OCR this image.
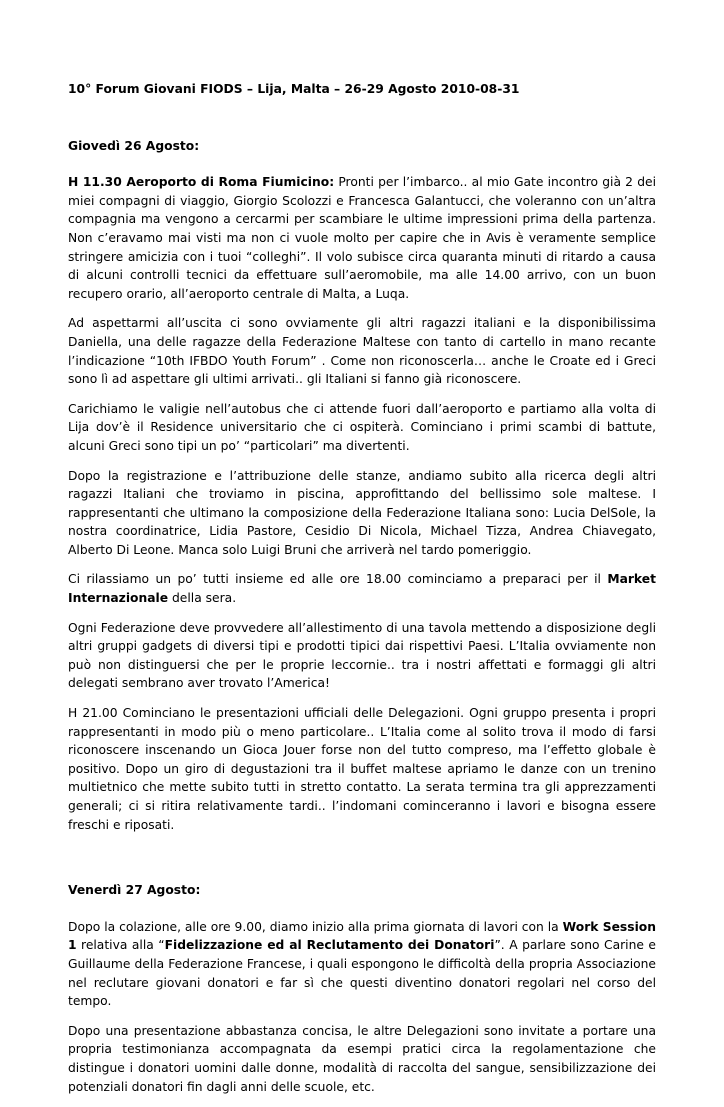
10° Forum Giovani FIODS – Lija, Malta – 26-29 Agosto 2010-08-31
Giovedì 26 Agosto:

H 11.30 Aeroporto di Roma Fiumicino: Pronti per l’imbarco.. al mio Gate incontro già 2 dei miei compagni di viaggio, Giorgio Scolozzi e Francesca Galantucci, che voleranno con un’altra compagnia ma vengono a cercarmi per scambiare le ultime impressioni prima della partenza. Non c’eravamo mai visti ma non ci vuole molto per capire che in Avis è veramente semplice stringere amicizia con i tuoi “colleghi”. Il volo subisce circa quaranta minuti di ritardo a causa di alcuni controlli tecnici da effettuare sull’aeromobile, ma alle 14.00 arrivo, con un buon recupero orario, all’aeroporto centrale di Malta, a Luqa.

Ad aspettarmi all’uscita ci sono ovviamente gli altri ragazzi italiani e la disponibilissima Daniella, una delle ragazze della Federazione Maltese con tanto di cartello in mano recante l’indicazione “10th IFBDO Youth Forum” . Come non riconoscerla… anche le Croate ed i Greci sono lì ad aspettare gli ultimi arrivati.. gli Italiani si fanno già riconoscere.

Carichiamo le valigie nell’autobus che ci attende fuori dall’aeroporto e partiamo alla volta di Lija dov’è il Residence universitario che ci ospiterà. Cominciano i primi scambi di battute, alcuni Greci sono tipi un po’ “particolari” ma divertenti.

Dopo la registrazione e l’attribuzione delle stanze, andiamo subito alla ricerca degli altri ragazzi Italiani che troviamo in piscina, approfittando del bellissimo sole maltese. I rappresentanti che ultimano la composizione della Federazione Italiana sono: Lucia DelSole, la nostra coordinatrice, Lidia Pastore, Cesidio Di Nicola, Michael Tizza, Andrea Chiavegato, Alberto Di Leone. Manca solo Luigi Bruni che arriverà nel tardo pomeriggio.

Ci rilassiamo un po’ tutti insieme ed alle ore 18.00 cominciamo a preparaci per il Market Internazionale della sera.

Ogni Federazione deve provvedere all’allestimento di una tavola mettendo a disposizione degli altri gruppi gadgets di diversi tipi e prodotti tipici dai rispettivi Paesi. L’Italia ovviamente non può non distinguersi che per le proprie leccornie.. tra i nostri affettati e formaggi gli altri delegati sembrano aver trovato l’America!

H 21.00 Cominciano le presentazioni ufficiali delle Delegazioni. Ogni gruppo presenta i propri rappresentanti in modo più o meno particolare.. L’Italia come al solito trova il modo di farsi riconoscere inscenando un Gioca Jouer forse non del tutto compreso, ma l’effetto globale è positivo. Dopo un giro di degustazioni tra il buffet maltese apriamo le danze con un trenino multietnico che mette subito tutti in stretto contatto. La serata termina tra gli apprezzamenti generali; ci si ritira relativamente tardi.. l’indomani cominceranno i lavori e bisogna essere freschi e riposati.

Venerdì 27 Agosto:

Dopo la colazione, alle ore 9.00, diamo inizio alla prima giornata di lavori con la Work Session 1 relativa alla “Fidelizzazione ed al Reclutamento dei Donatori”. A parlare sono Carine e Guillaume della Federazione Francese, i quali espongono le difficoltà della propria Associazione nel reclutare giovani donatori e far sì che questi diventino donatori regolari nel corso del tempo.

Dopo una presentazione abbastanza concisa, le altre Delegazioni sono invitate a portare una propria testimonianza accompagnata da esempi pratici circa la regolamentazione che distingue i donatori uomini dalle donne, modalità di raccolta del sangue, sensibilizzazione dei potenziali donatori fin dagli anni delle scuole, etc.
